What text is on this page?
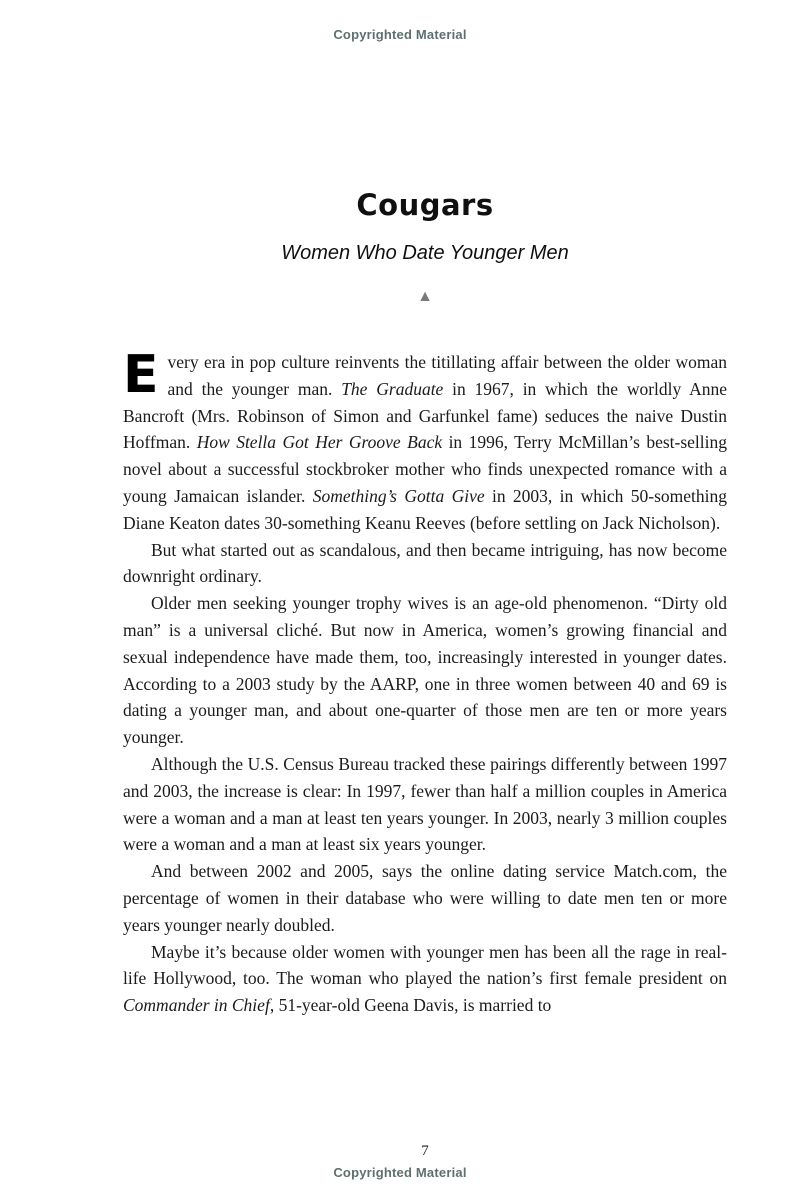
Copyrighted Material
Cougars
Women Who Date Younger Men
▲

Every era in pop culture reinvents the titillating affair between the older woman and the younger man. The Graduate in 1967, in which the worldly Anne Bancroft (Mrs. Robinson of Simon and Garfunkel fame) seduces the naive Dustin Hoffman. How Stella Got Her Groove Back in 1996, Terry McMillan’s best-selling novel about a successful stockbroker mother who finds unexpected romance with a young Jamaican islander. Something’s Gotta Give in 2003, in which 50-something Diane Keaton dates 30-something Keanu Reeves (before settling on Jack Nicholson).

But what started out as scandalous, and then became intriguing, has now become downright ordinary.

Older men seeking younger trophy wives is an age-old phenomenon. “Dirty old man” is a universal cliché. But now in America, women’s growing financial and sexual independence have made them, too, increasingly interested in younger dates. According to a 2003 study by the AARP, one in three women between 40 and 69 is dating a younger man, and about one-quarter of those men are ten or more years younger.

Although the U.S. Census Bureau tracked these pairings differently between 1997 and 2003, the increase is clear: In 1997, fewer than half a million couples in America were a woman and a man at least ten years younger. In 2003, nearly 3 million couples were a woman and a man at least six years younger.

And between 2002 and 2005, says the online dating service Match.com, the percentage of women in their database who were willing to date men ten or more years younger nearly doubled.

Maybe it’s because older women with younger men has been all the rage in real-life Hollywood, too. The woman who played the nation’s first female president on Commander in Chief, 51-year-old Geena Davis, is married to

7
Copyrighted Material
